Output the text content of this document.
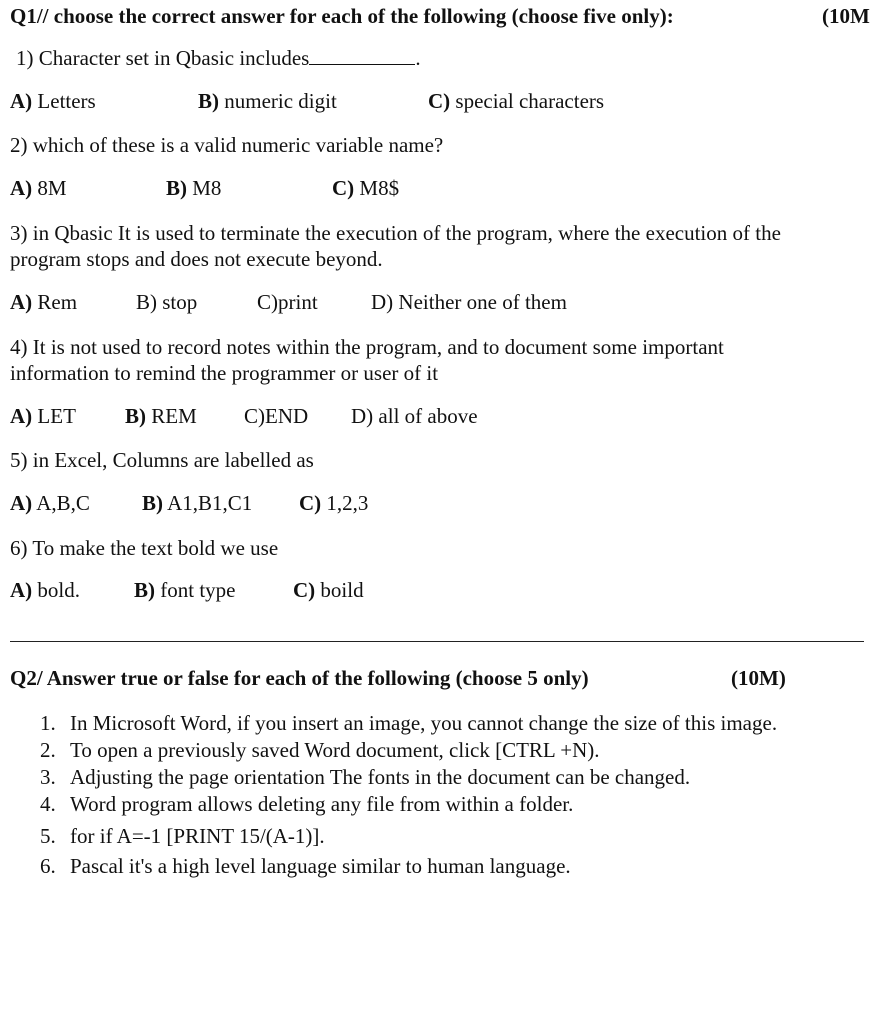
Q1// choose the correct answer for each of the following (choose five only):	(10M
1) Character set in Qbasic includes	.
A) Letters	B) numeric digit	C) special characters
2) which of these is a valid numeric variable name?
A) 8M	B) M8	C) M8$
3) in Qbasic It is used to terminate the execution of the program, where the execution of the
program stops and does not execute beyond.
A) Rem	B) stop	C)print	D) Neither one of them
4) It is not used to record notes within the program, and to document some important
information to remind the programmer or user of it
A) LET B) REM C)END D) all of above
5) in Excel, Columns are labelled as
A) A,B,C B) A1,B1,C1 C) 1,2,3
6) To make the text bold we use
A) bold.	B) font type	C) boild
Q2/ Answer true or false for each of the following (choose 5 only)	(10M)
1. In Microsoft Word, if you insert an image, you cannot change the size of this image.
2. To open a previously saved Word document, click [CTRL +N).
3. Adjusting the page orientation The fonts in the document can be changed.
4. Word program allows deleting any file from within a folder.
5. for if A=-1 [PRINT 15/(A-1)].
6. Pascal it's a high level language similar to human language.
